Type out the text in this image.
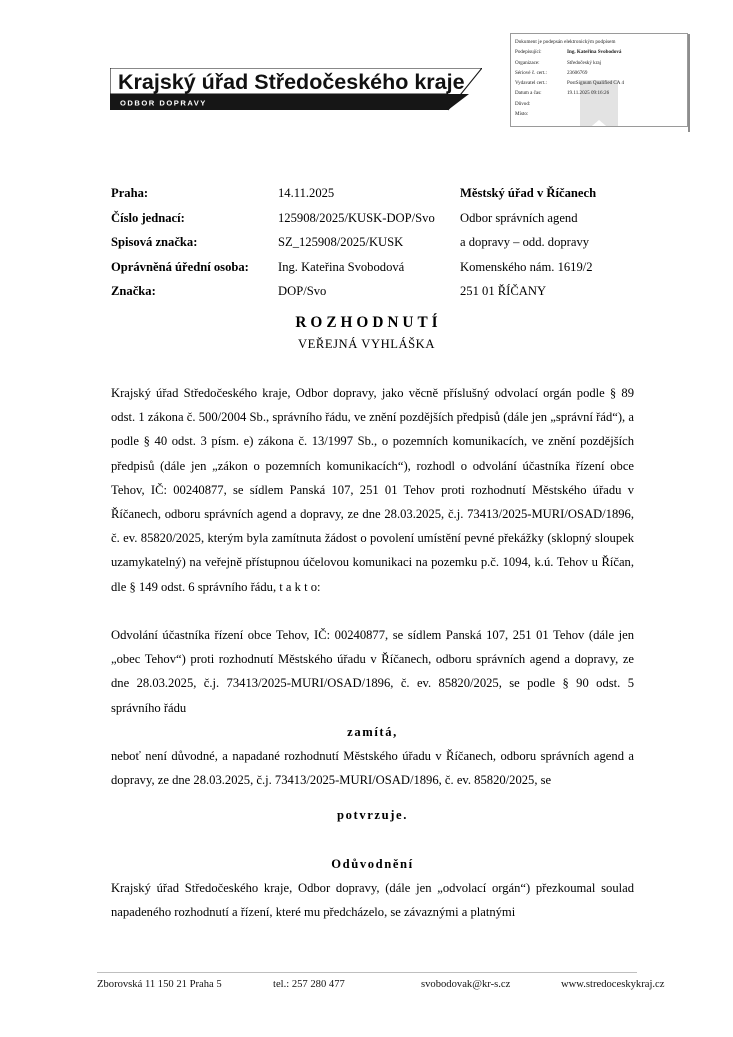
Dokument je podepsán elektronickým podpisem
Podepisující:	Ing. Kateřina Svobodová
Organizace:	Středočeský kraj
Sériové č. cert.:	23606769
Vydavatel cert.:	PostSignum Qualified CA 4
Datum a čas:	19.11.2025 09:16:26
Důvod:
Místo:
Krajský úřad Středočeského kraje
ODBOR DOPRAVY
Praha:	14.11.2025	Městský úřad v Říčanech
Číslo jednací:	125908/2025/KUSK-DOP/Svo	Odbor správních agend
Spisová značka:	SZ_125908/2025/KUSK	a dopravy – odd. dopravy
Oprávněná úřední osoba:	Ing. Kateřina Svobodová	Komenského nám. 1619/2
Značka:	DOP/Svo	251 01 ŘÍČANY
ROZHODNUTÍ
VEŘEJNÁ VYHLÁŠKA

Krajský úřad Středočeského kraje, Odbor dopravy, jako věcně příslušný odvolací orgán podle § 89 odst. 1 zákona č. 500/2004 Sb., správního řádu, ve znění pozdějších předpisů (dále jen „správní řád“), a podle § 40 odst. 3 písm. e) zákona č. 13/1997 Sb., o pozemních komunikacích, ve znění pozdějších předpisů (dále jen „zákon o pozemních komunikacích“), rozhodl o odvolání účastníka řízení obce Tehov, IČ: 00240877, se sídlem Panská 107, 251 01 Tehov proti rozhodnutí Městského úřadu v Říčanech, odboru správních agend a dopravy, ze dne 28.03.2025, č.j. 73413/2025-MURI/OSAD/1896, č. ev. 85820/2025, kterým byla zamítnuta žádost o povolení umístění pevné překážky (sklopný sloupek uzamykatelný) na veřejně přístupnou účelovou komunikaci na pozemku p.č. 1094, k.ú. Tehov u Říčan, dle § 149 odst. 6 správního řádu, t a k t o:

Odvolání účastníka řízení obce Tehov, IČ: 00240877, se sídlem Panská 107, 251 01 Tehov (dále jen „obec Tehov“) proti rozhodnutí Městského úřadu v Říčanech, odboru správních agend a dopravy, ze dne 28.03.2025, č.j. 73413/2025-MURI/OSAD/1896, č. ev. 85820/2025, se podle § 90 odst. 5 správního řádu

zamítá,

neboť není důvodné, a napadané rozhodnutí Městského úřadu v Říčanech, odboru správních agend a dopravy, ze dne 28.03.2025, č.j. 73413/2025-MURI/OSAD/1896, č. ev. 85820/2025, se

potvrzuje.

Odůvodnění

Krajský úřad Středočeského kraje, Odbor dopravy, (dále jen „odvolací orgán“) přezkoumal soulad napadeného rozhodnutí a řízení, které mu předcházelo, se závaznými a platnými

Zborovská 11 150 21 Praha 5	tel.: 257 280 477	svobodovak@kr-s.cz	www.stredoceskykraj.cz
